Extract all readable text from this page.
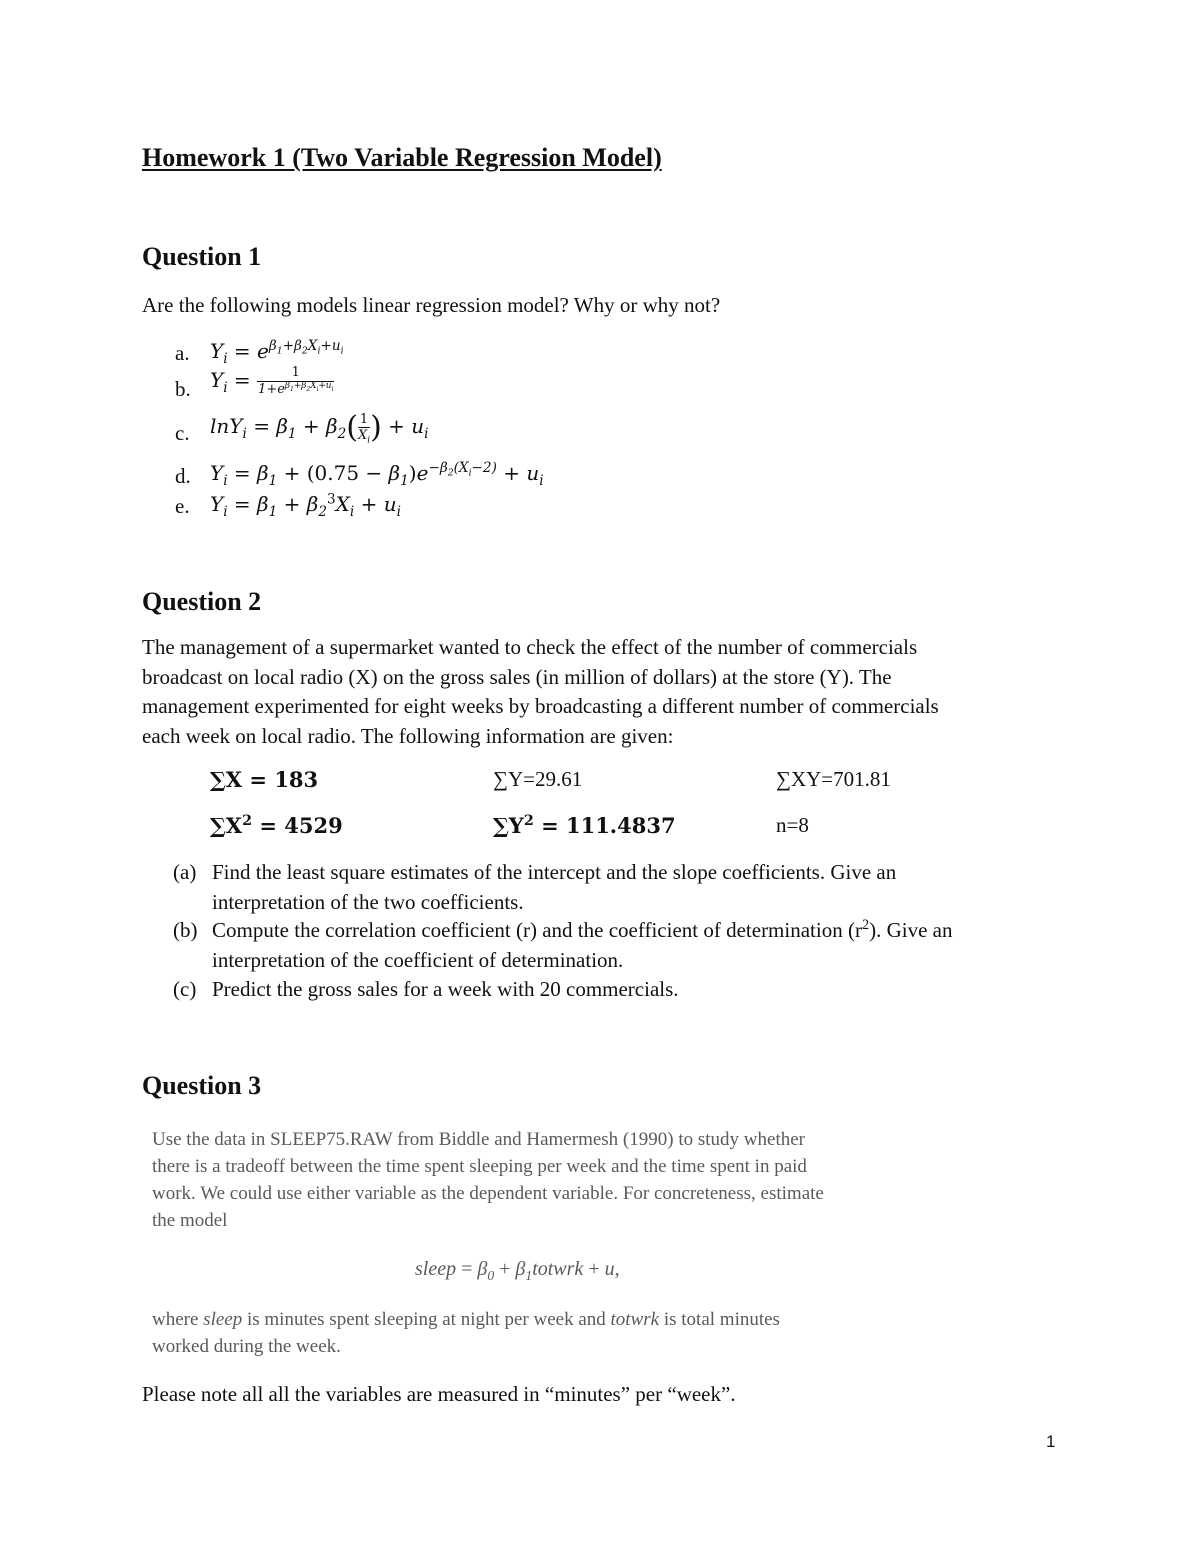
Homework 1 (Two Variable Regression Model)
Question 1
Are the following models linear regression model? Why or why not?
a. $Y_i = e^{\beta_1+\beta_2X_i+u_i}$
b. $Y_i = \frac{1}{1+e^{\beta_1+\beta_2X_i+u_i}}$
c. $\ln Y_i = \beta_1 + \beta_2( \frac{1}{X_i}$ ) + $u_i$
d. $Y_i = \beta_1 + (0.75 - \beta_1)e^{-\beta_2(X_i-2)} + u_i$
e. $Y_i = \beta_1 + \beta_2^3X_i + u_i$
Question 2
The management of a supermarket wanted to check the effect of the number of commercials
broadcast on local radio (X) on the gross sales (in million of dollars) at the store (Y). The
management experimented for eight weeks by broadcasting a different number of commercials
each week on local radio. The following information are given:
∑X = 183	∑Y=29.61	∑XY=701.81
$\sum X^2 = 4529$	$\sum Y^2 = 111.4837$	n=8
(a) Find the least square estimates of the intercept and the slope coefficients. Give an
interpretation of the two coefficients.
(b) Compute the correlation coefficient (r) and the coefficient of determination $(r^2)$. Give an
interpretation of the coefficient of determination.
(c) Predict the gross sales for a week with 20 commercials.
Question 3
Use the data in SLEEP75.RAW from Biddle and Hamermesh (1990) to study whether
there is a tradeoff between the time spent sleeping per week and the time spent in paid
work. We could use either variable as the dependent variable. For concreteness, estimate
the model
sleep = $\beta_0$ + $\beta_1totwrk + u$,
where sleep is minutes spent sleeping at night per week and totwrk is total minutes
worked during the week.
Please note all all the variables are measured in “minutes” per “week”.
1
